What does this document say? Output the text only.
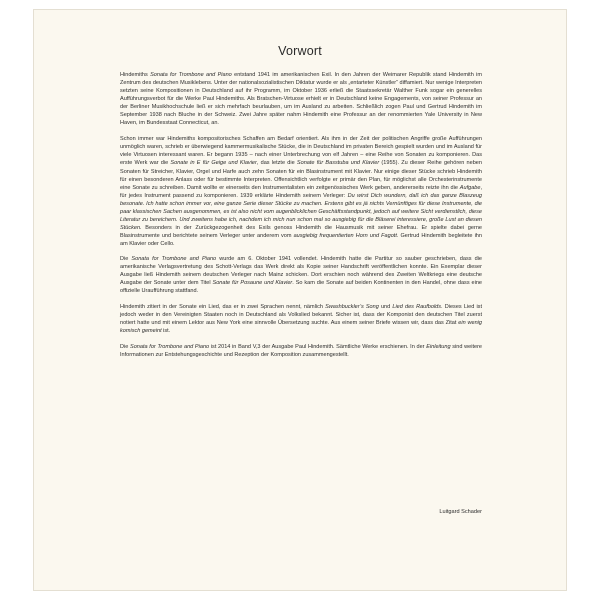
Vorwort

Hindemiths Sonata for Trombone and Piano entstand 1941 im amerikanischen Exil. In den Jahren der Weimarer Republik stand Hindemith im Zentrum des deutschen Musiklebens. Unter der nationalsozialistischen Diktatur wurde er als „entarteter Künstler“ diffamiert. Nur wenige Interpreten setzten seine Kompositionen in Deutschland auf ihr Programm, im Oktober 1936 erließ die Staatssekretär Walther Funk sogar ein generelles Aufführungsverbot für die Werke Paul Hindemiths. Als Bratschen-Virtuose erhielt er in Deutschland keine Engagements, von seiner Professur an der Berliner Musikhochschule ließ er sich mehrfach beurlauben, um im Ausland zu arbeiten. Schließlich zogen Paul und Gertrud Hindemith im September 1938 nach Bluche in der Schweiz. Zwei Jahre später nahm Hindemith eine Professur an der renommierten Yale University in New Haven, im Bundesstaat Connecticut, an.

Schon immer war Hindemiths kompositorisches Schaffen am Bedarf orientiert. Als ihm in der Zeit der politischen Angriffe große Aufführungen unmöglich waren, schrieb er überwiegend kammermusikalische Stücke, die in Deutschland im privaten Bereich gespielt wurden und im Ausland für viele Virtuosen interessant waren. Er begann 1935 – nach einer Unterbrechung von elf Jahren – eine Reihe von Sonaten zu komponieren. Das erste Werk war die Sonate in E für Geige und Klavier, das letzte die Sonate für Basstuba und Klavier (1955). Zu dieser Reihe gehören neben Sonaten für Streicher, Klavier, Orgel und Harfe auch zehn Sonaten für ein Blasinstrument mit Klavier. Nur einige dieser Stücke schrieb Hindemith für einen besonderen Anlass oder für bestimmte Interpreten. Offensichtlich verfolgte er primär den Plan, für möglichst alle Orchesterinstrumente eine Sonate zu schreiben. Damit wollte er einerseits den Instrumentalisten ein zeitgenössisches Werk geben, andererseits reizte ihn die Aufgabe, für jedes Instrument passend zu komponieren. 1939 erklärte Hindemith seinem Verleger: Du wirst Dich wundern, daß ich das ganze Blaszeug besonate. Ich hatte schon immer vor, eine ganze Serie dieser Stücke zu machen. Erstens gibt es jä nichts Vernünftiges für diese Instrumente, die paar klassischen Sachen ausgenommen, es ist also nicht vom augenblicklichen Geschäftsstandpunkt, jedoch auf weitere Sicht verdienstlich, diese Literatur zu bereichern. Und zweitens habe ich, nachdem ich mich nun schon mal so ausgiebig für die Bläserei interessiere, große Lust an diesen Stücken. Besonders in der Zurückgezogenheit des Exils genoss Hindemith die Hausmusik mit seiner Ehefrau. Er spielte dabei gerne Blasinstrumente und berichtete seinem Verleger unter anderem vom ausgiebig frequentierten Horn und Fagott. Gertrud Hindemith begleitete ihn am Klavier oder Cello.

Die Sonata for Trombone and Piano wurde am 6. Oktober 1941 vollendet. Hindemith hatte die Partitur so sauber geschrieben, dass die amerikanische Verlagsvertretung des Schott-Verlags das Werk direkt als Kopie seiner Handschrift veröffentlichen konnte. Ein Exemplar dieser Ausgabe ließ Hindemith seinem deutschen Verleger nach Mainz schicken. Dort erschien noch während des Zweiten Weltkriegs eine deutsche Ausgabe der Sonate unter dem Titel Sonate für Posaune und Klavier. So kam die Sonate auf beiden Kontinenten in den Handel, ohne dass eine offizielle Uraufführung stattfand.

Hindemith zitiert in der Sonate ein Lied, das er in zwei Sprachen nennt, nämlich Swashbuckler’s Song und Lied des Raufbolds. Dieses Lied ist jedoch weder in den Vereinigten Staaten noch in Deutschland als Volkslied bekannt. Sicher ist, dass der Komponist den deutschen Titel zuerst notiert hatte und mit einem Lektor aus New York eine sinnvolle Übersetzung suchte. Aus einem seiner Briefe wissen wir, dass das Zitat ein wenig komisch gemeint ist.

Die Sonata for Trombone and Piano ist 2014 in Band V,3 der Ausgabe Paul Hindemith. Sämtliche Werke erschienen. In der Einleitung sind weitere Informationen zur Entstehungsgeschichte und Rezeption der Komposition zusammengestellt.

Luitgard Schader
